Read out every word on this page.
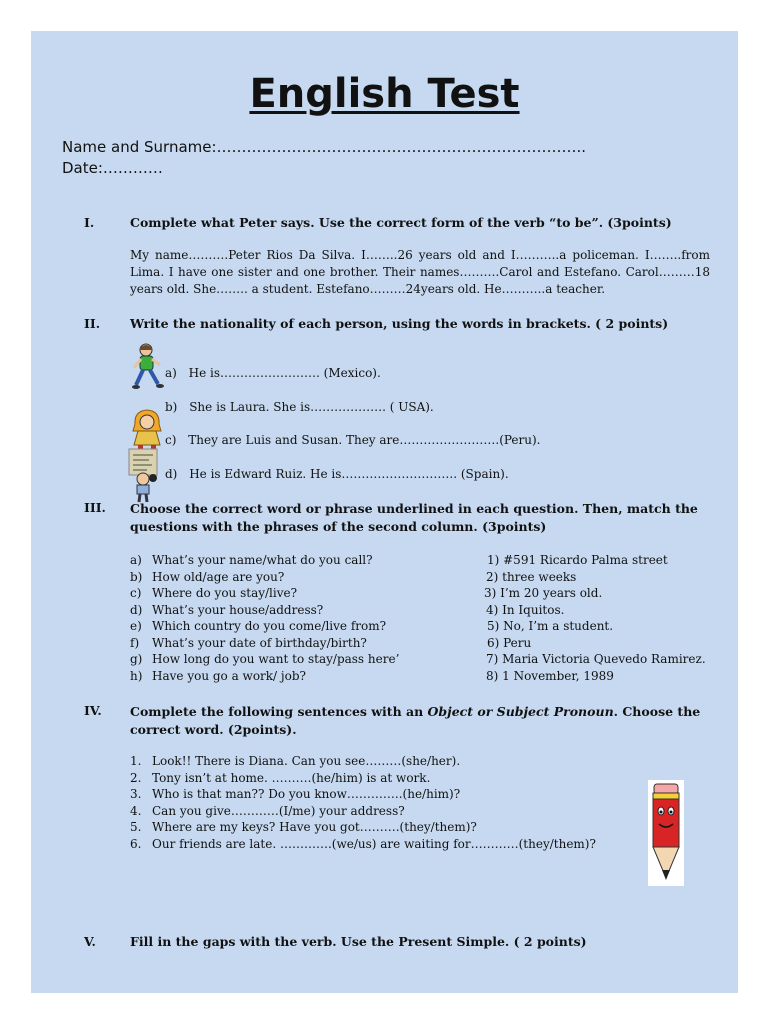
English Test
Name and Surname:………………………………………………………………..
Date:…………
I.	Complete what Peter says. Use the correct form of the verb “to be”. (3points)
My name……….Peter Rios Da Silva. I……..26 years old and I………..a policeman. I……..from Lima. I have one sister and one brother. Their names……….Carol and Estefano. Carol………18 years old. She…….. a student. Estefano………24years old. He………..a teacher.
II. Write the nationality of each person, using the words in brackets. ( 2 points)
a) He is……………………. (Mexico).
b) She is Laura. She is………………. ( USA).
c) They are Luis and Susan. They are…………………….(Peru).
d) He is Edward Ruiz. He is……………………….. (Spain).
III. Choose the correct word or phrase underlined in each question. Then, match the questions with the phrases of the second column. (3points)
a) What’s your name/what do you call?
b) How old/age are you?
c) Where do you stay/live?
d) What’s your house/address?
e) Which country do you come/live from?
f) What’s your date of birthday/birth?
g) How long do you want to stay/pass here’
h) Have you go a work/ job?
1) #591 Ricardo Palma street
2) three weeks
3) I’m 20 years old.
4) In Iquitos.
5) No, I’m a student.
6) Peru
7) Maria Victoria Quevedo Ramirez.
8) 1 November, 1989
IV. Complete the following sentences with an Object or Subject Pronoun. Choose the correct word. (2points).
1. Look!! There is Diana. Can you see………(she/her).
2. Tony isn’t at home. ……….(he/him) is at work.
3. Who is that man?? Do you know…………..(he/him)?
4. Can you give…………(I/me) your address?
5. Where are my keys? Have you got……….(they/them)?
6. Our friends are late. ………….(we/us) are waiting for…………(they/them)?
V.	Fill in the gaps with the verb. Use the Present Simple. ( 2 points)
